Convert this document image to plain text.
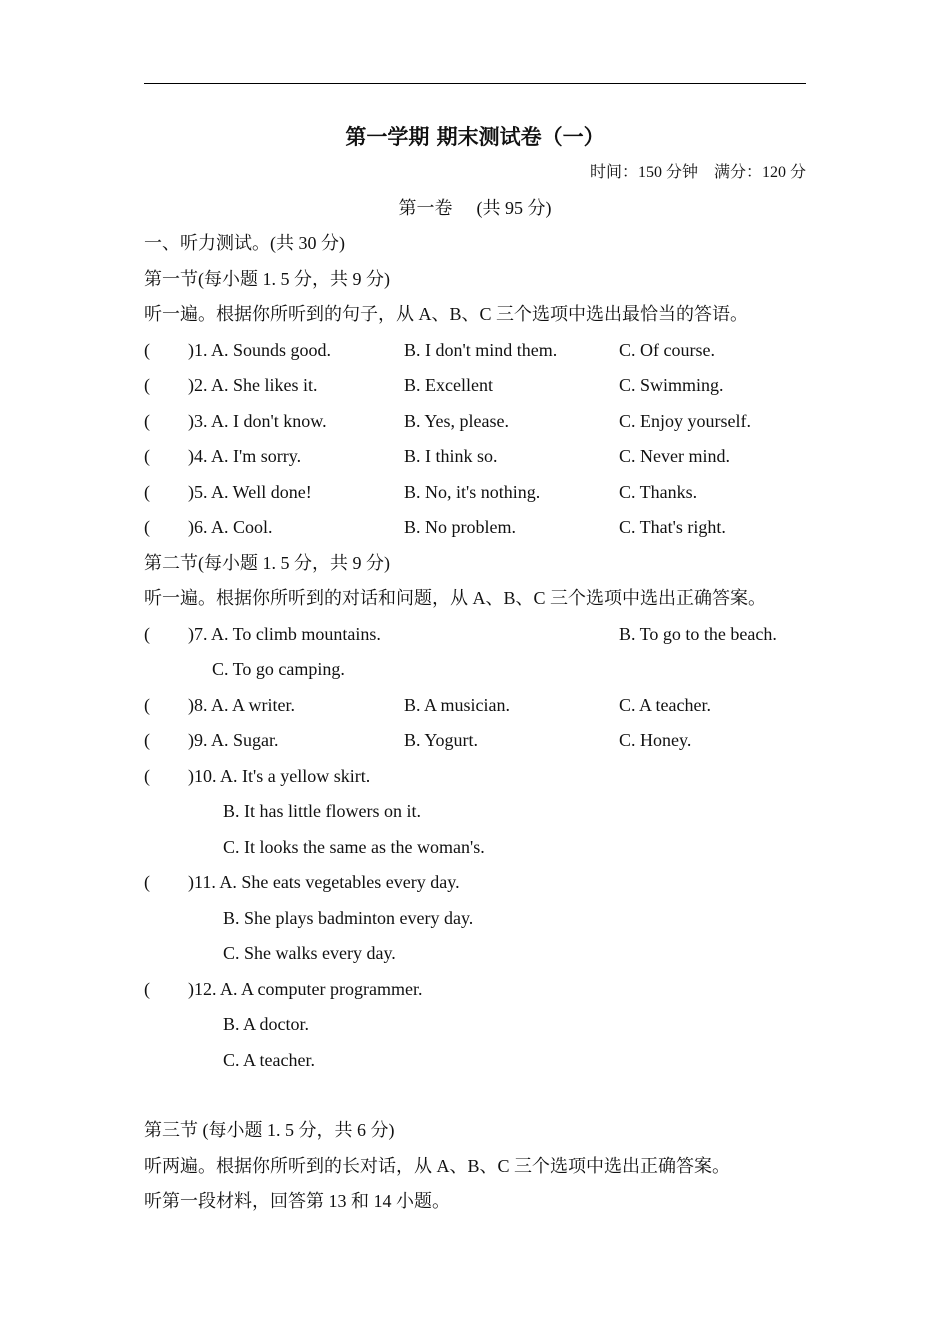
第一学期 期末测试卷（一）
时间：150 分钟 满分：120 分
第一卷 (共 95 分)
一、听力测试。(共 30 分)
第一节(每小题 1. 5 分，共 9 分)
听一遍。根据你所听到的句子，从 A、B、C 三个选项中选出最恰当的答语。
( )1. A. Sounds good.	B. I don't mind them.	C. Of course.
( )2. A. She likes it.	B. Excellent	C. Swimming.
( )3. A. I don't know.	B. Yes, please.	C. Enjoy yourself.
( )4. A. I'm sorry.	B. I think so.	C. Never mind.
( )5. A. Well done!	B. No, it's nothing.	C. Thanks.
( )6. A. Cool.	B. No problem.	C. That's right.
第二节(每小题 1. 5 分，共 9 分)
听一遍。根据你所听到的对话和问题，从 A、B、C 三个选项中选出正确答案。
( )7. A. To climb mountains.	B. To go to the beach.
C. To go camping.
( )8. A. A writer.	B. A musician.	C. A teacher.
( )9. A. Sugar.	B. Yogurt.	C. Honey.
( )10. A. It's a yellow skirt.
B. It has little flowers on it.
C. It looks the same as the woman's.
( )11. A. She eats vegetables every day.
B. She plays badminton every day.
C. She walks every day.
( )12. A. A computer programmer.
B. A doctor.
C. A teacher.
第三节 (每小题 1. 5 分，共 6 分)
听两遍。根据你所听到的长对话，从 A、B、C 三个选项中选出正确答案。
听第一段材料，回答第 13 和 14 小题。
